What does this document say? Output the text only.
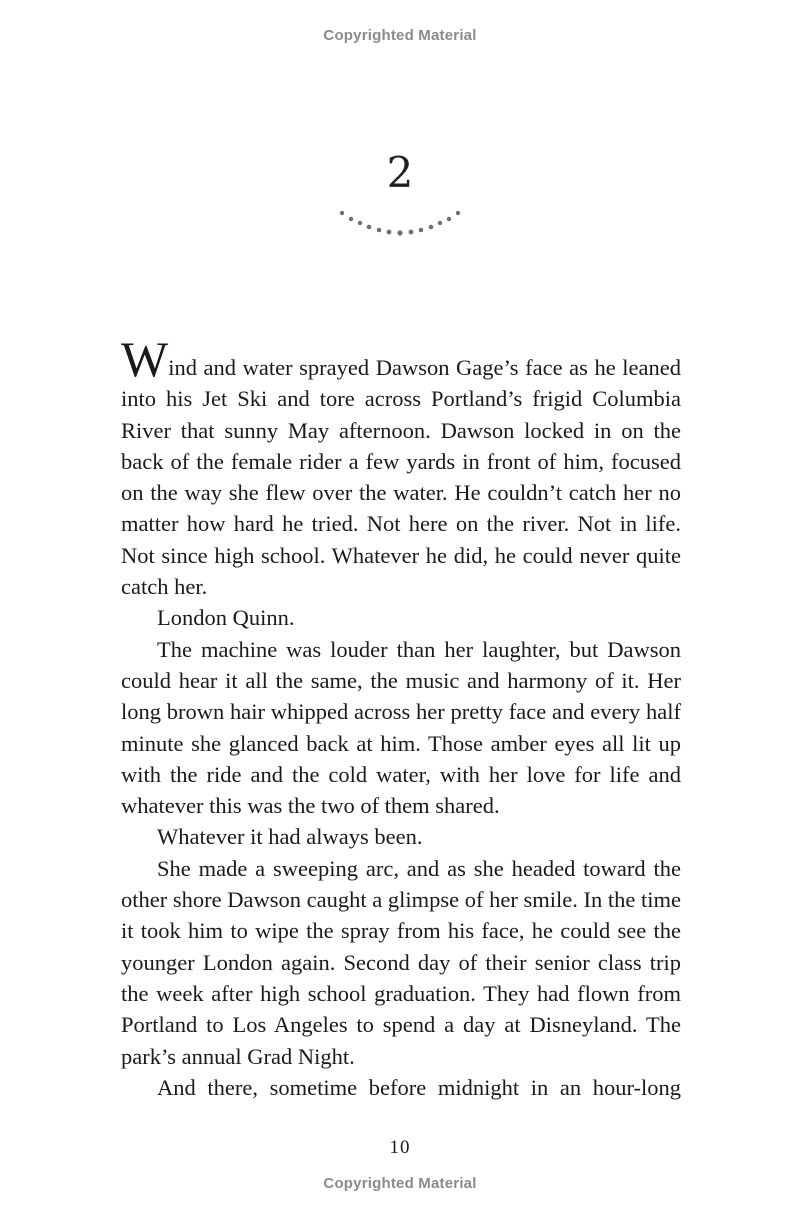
Copyrighted Material
2

Wind and water sprayed Dawson Gage’s face as he leaned into his Jet Ski and tore across Portland’s frigid Columbia River that sunny May afternoon. Dawson locked in on the back of the female rider a few yards in front of him, focused on the way she flew over the water. He couldn’t catch her no matter how hard he tried. Not here on the river. Not in life. Not since high school. Whatever he did, he could never quite catch her.

London Quinn.

The machine was louder than her laughter, but Dawson could hear it all the same, the music and harmony of it. Her long brown hair whipped across her pretty face and every half minute she glanced back at him. Those amber eyes all lit up with the ride and the cold water, with her love for life and whatever this was the two of them shared.

Whatever it had always been.

She made a sweeping arc, and as she headed toward the other shore Dawson caught a glimpse of her smile. In the time it took him to wipe the spray from his face, he could see the younger London again. Second day of their senior class trip the week after high school graduation. They had flown from Portland to Los Angeles to spend a day at Disneyland. The park’s annual Grad Night.

And there, sometime before midnight in an hour-long

10
Copyrighted Material
